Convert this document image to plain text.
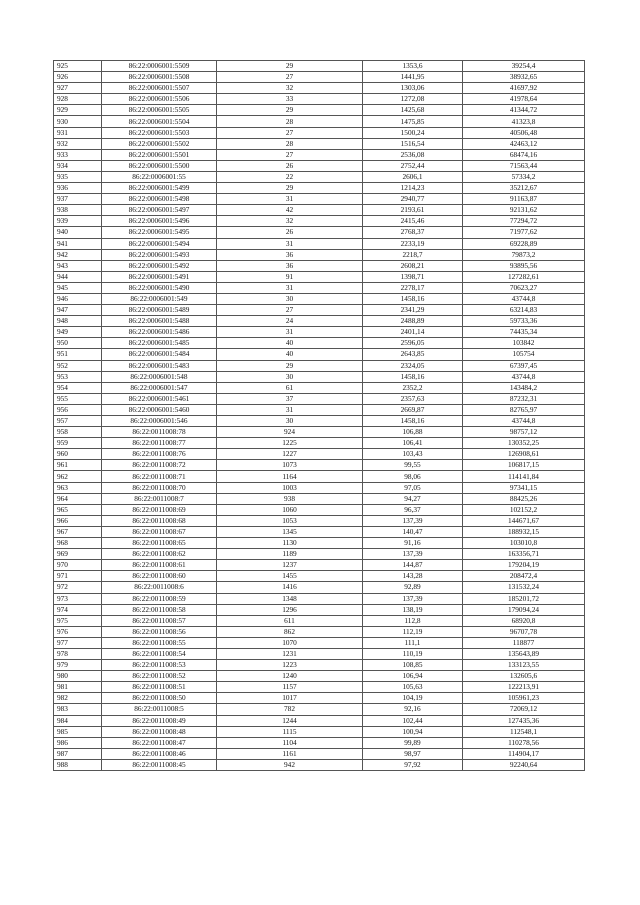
925	86:22:0006001:5509	29	1353,6	39254,4
926	86:22:0006001:5508	27	1441,95	38932,65
927	86:22:0006001:5507	32	1303,06	41697,92
928	86:22:0006001:5506	33	1272,08	41978,64
929	86:22:0006001:5505	29	1425,68	41344,72
930	86:22:0006001:5504	28	1475,85	41323,8
931	86:22:0006001:5503	27	1500,24	40506,48
932	86:22:0006001:5502	28	1516,54	42463,12
933	86:22:0006001:5501	27	2536,08	68474,16
934	86:22:0006001:5500	26	2752,44	71563,44
935	86:22:0006001:55	22	2606,1	57334,2
936	86:22:0006001:5499	29	1214,23	35212,67
937	86:22:0006001:5498	31	2940,77	91163,87
938	86:22:0006001:5497	42	2193,61	92131,62
939	86:22:0006001:5496	32	2415,46	77294,72
940	86:22:0006001:5495	26	2768,37	71977,62
941	86:22:0006001:5494	31	2233,19	69228,89
942	86:22:0006001:5493	36	2218,7	79873,2
943	86:22:0006001:5492	36	2608,21	93895,56
944	86:22:0006001:5491	91	1398,71	127282,61
945	86:22:0006001:5490	31	2278,17	70623,27
946	86:22:0006001:549	30	1458,16	43744,8
947	86:22:0006001:5489	27	2341,29	63214,83
948	86:22:0006001:5488	24	2488,89	59733,36
949	86:22:0006001:5486	31	2401,14	74435,34
950	86:22:0006001:5485	40	2596,05	103842
951	86:22:0006001:5484	40	2643,85	105754
952	86:22:0006001:5483	29	2324,05	67397,45
953	86:22:0006001:548	30	1458,16	43744,8
954	86:22:0006001:547	61	2352,2	143484,2
955	86:22:0006001:5461	37	2357,63	87232,31
956	86:22:0006001:5460	31	2669,87	82765,97
957	86:22:0006001:546	30	1458,16	43744,8
958	86:22:0011008:78	924	106,88	98757,12
959	86:22:0011008:77	1225	106,41	130352,25
960	86:22:0011008:76	1227	103,43	126908,61
961	86:22:0011008:72	1073	99,55	106817,15
962	86:22:0011008:71	1164	98,06	114141,84
963	86:22:0011008:70	1003	97,05	97341,15
964	86:22:0011008:7	938	94,27	88425,26
965	86:22:0011008:69	1060	96,37	102152,2
966	86:22:0011008:68	1053	137,39	144671,67
967	86:22:0011008:67	1345	140,47	188932,15
968	86:22:0011008:65	1130	91,16	103010,8
969	86:22:0011008:62	1189	137,39	163356,71
970	86:22:0011008:61	1237	144,87	179204,19
971	86:22:0011008:60	1455	143,28	208472,4
972	86:22:0011008:6	1416	92,89	131532,24
973	86:22:0011008:59	1348	137,39	185201,72
974	86:22:0011008:58	1296	138,19	179094,24
975	86:22:0011008:57	611	112,8	68920,8
976	86:22:0011008:56	862	112,19	96707,78
977	86:22:0011008:55	1070	111,1	118877
978	86:22:0011008:54	1231	110,19	135643,89
979	86:22:0011008:53	1223	108,85	133123,55
980	86:22:0011008:52	1240	106,94	132605,6
981	86:22:0011008:51	1157	105,63	122213,91
982	86:22:0011008:50	1017	104,19	105961,23
983	86:22:0011008:5	782	92,16	72069,12
984	86:22:0011008:49	1244	102,44	127435,36
985	86:22:0011008:48	1115	100,94	112548,1
986	86:22:0011008:47	1104	99,89	110278,56
987	86:22:0011008:46	1161	98,97	114904,17
988	86:22:0011008:45	942	97,92	92240,64
